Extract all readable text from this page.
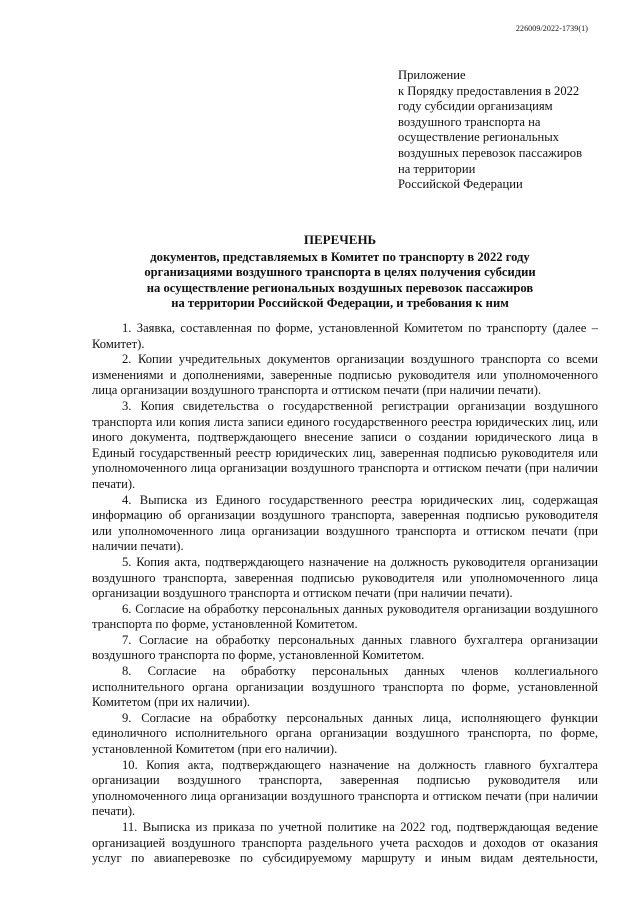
226009/2022-1739(1)
Приложение
к Порядку предоставления в 2022
году субсидии организациям
воздушного транспорта на
осуществление региональных
воздушных перевозок пассажиров
на территории
Российской Федерации
ПЕРЕЧЕНЬ
документов, представляемых в Комитет по транспорту в 2022 году
организациями воздушного транспорта в целях получения субсидии
на осуществление региональных воздушных перевозок пассажиров
на территории Российской Федерации, и требования к ним

1. Заявка, составленная по форме, установленной Комитетом по транспорту (далее – Комитет).

2. Копии учредительных документов организации воздушного транспорта со всеми изменениями и дополнениями, заверенные подписью руководителя или уполномоченного лица организации воздушного транспорта и оттиском печати (при наличии печати).

3. Копия свидетельства о государственной регистрации организации воздушного транспорта или копия листа записи единого государственного реестра юридических лиц, или иного документа, подтверждающего внесение записи о создании юридического лица в Единый государственный реестр юридических лиц, заверенная подписью руководителя или уполномоченного лица организации воздушного транспорта и оттиском печати (при наличии печати).

4. Выписка из Единого государственного реестра юридических лиц, содержащая информацию об организации воздушного транспорта, заверенная подписью руководителя или уполномоченного лица организации воздушного транспорта и оттиском печати (при наличии печати).

5. Копия акта, подтверждающего назначение на должность руководителя организации воздушного транспорта, заверенная подписью руководителя или уполномоченного лица организации воздушного транспорта и оттиском печати (при наличии печати).

6. Согласие на обработку персональных данных руководителя организации воздушного транспорта по форме, установленной Комитетом.

7. Согласие на обработку персональных данных главного бухгалтера организации воздушного транспорта по форме, установленной Комитетом.

8. Согласие на обработку персональных данных членов коллегиального исполнительного органа организации воздушного транспорта по форме, установленной Комитетом (при их наличии).

9. Согласие на обработку персональных данных лица, исполняющего функции единоличного исполнительного органа организации воздушного транспорта, по форме, установленной Комитетом (при его наличии).

10. Копия акта, подтверждающего назначение на должность главного бухгалтера организации воздушного транспорта, заверенная подписью руководителя или уполномоченного лица организации воздушного транспорта и оттиском печати (при наличии печати).

11. Выписка из приказа по учетной политике на 2022 год, подтверждающая ведение организацией воздушного транспорта раздельного учета расходов и доходов от оказания услуг по авиаперевозке по субсидируемому маршруту и иным видам деятельности,
